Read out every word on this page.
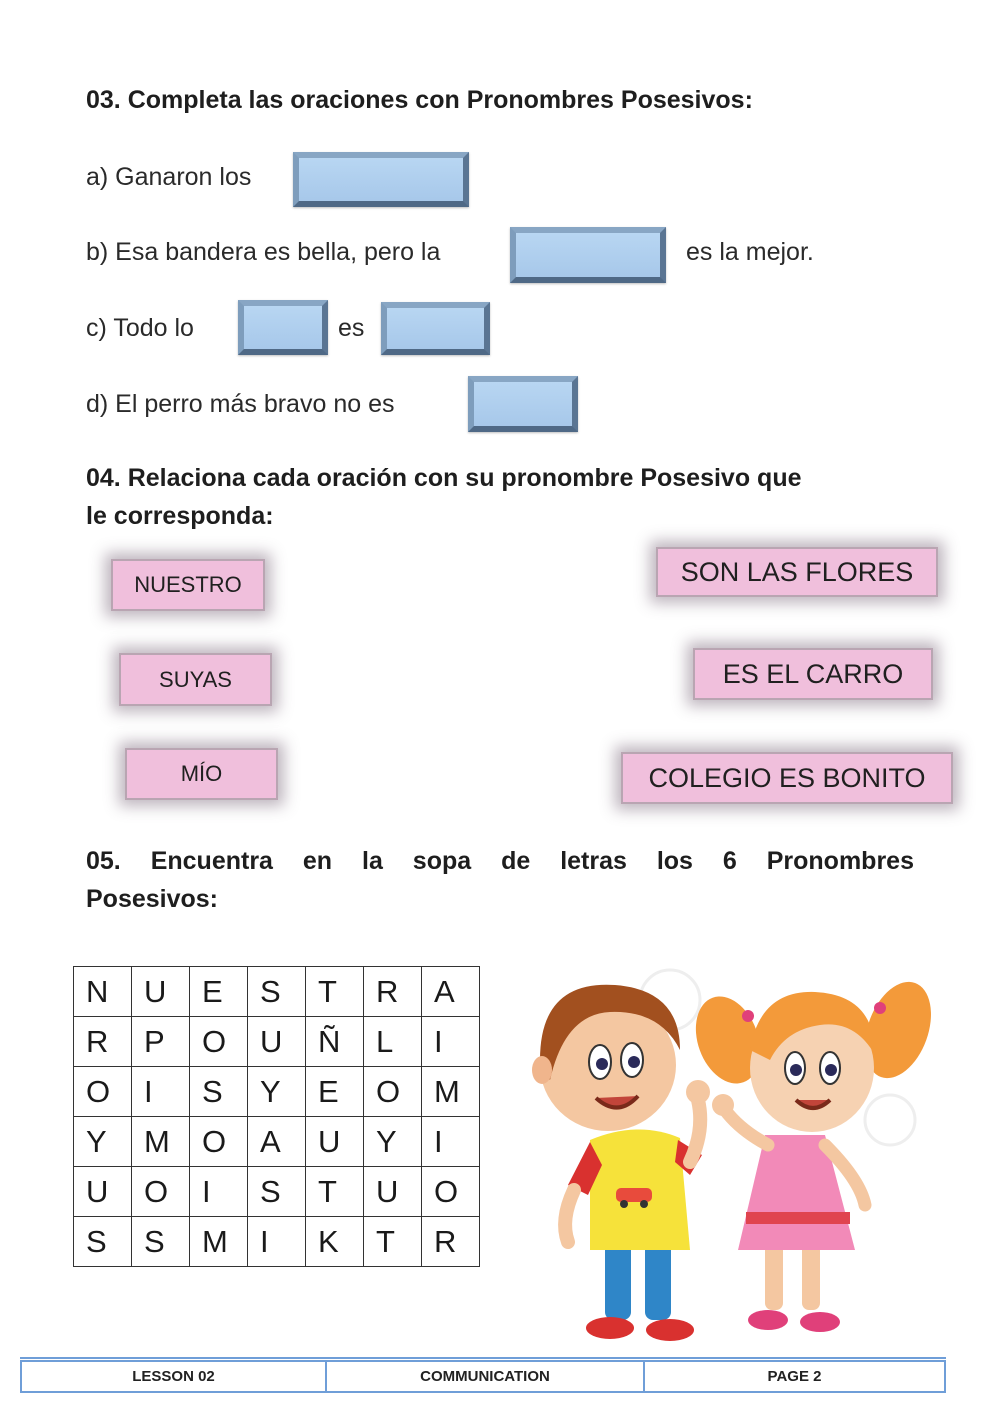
03. Completa las oraciones con Pronombres Posesivos:
a) Ganaron los
b) Esa bandera es bella, pero la	es la mejor.
c) Todo lo	es
d) El perro más bravo no es
04. Relaciona cada oración con su pronombre Posesivo que
le corresponda:
NUESTRO
SUYAS
MÍO
SON LAS FLORES
ES EL CARRO
COLEGIO ES BONITO
05. Encuentra en la sopa de letras los 6 Pronombres
Posesivos:
N	U	E	S	T	R	A
R	P	O	U	Ñ	L	I
O	I	S	Y	E	O	M
Y	M	O	A	U	Y	I
U	O	I	S	T	U	O
S	S	M	I	K	T	R
LESSON 02	COMMUNICATION	PAGE 2
